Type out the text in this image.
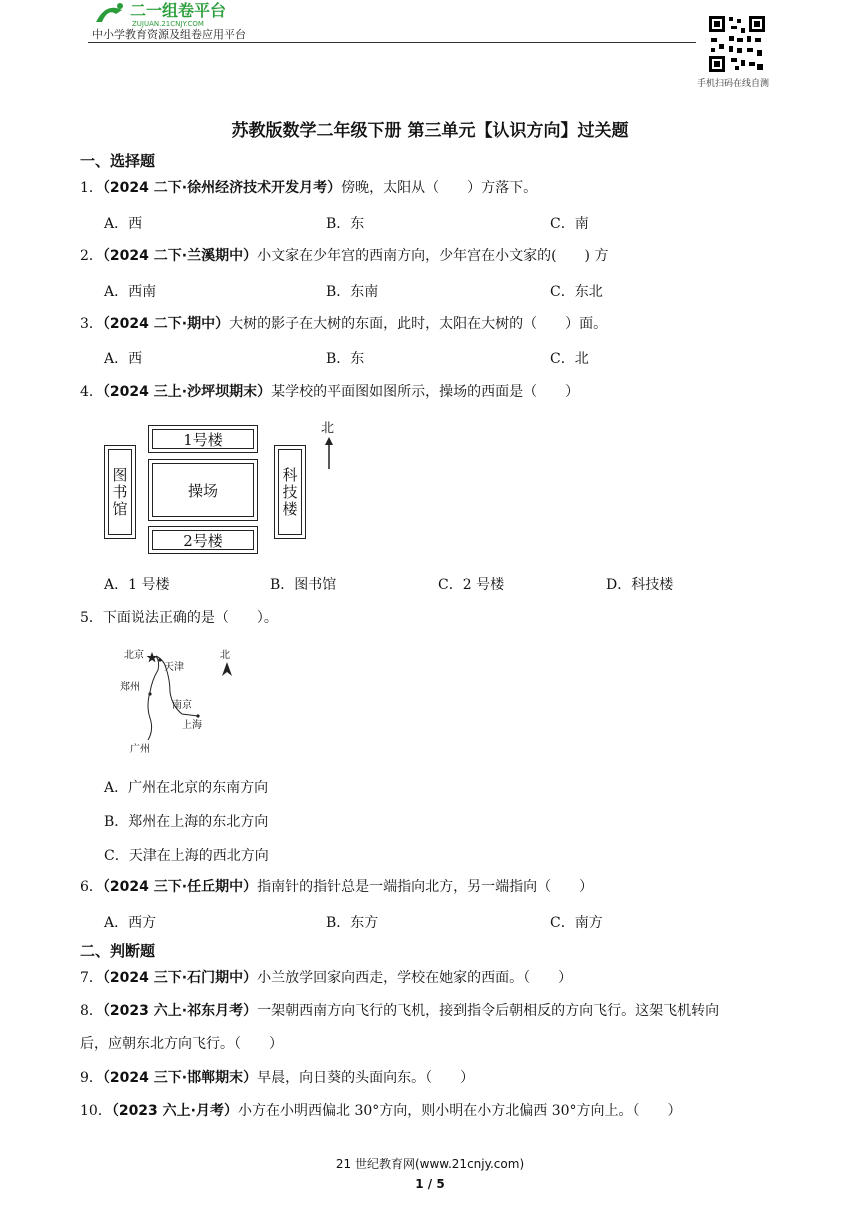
二一组卷平台
ZUJUAN.21CNJY.COM
中小学教育资源及组卷应用平台
手机扫码在线自测
苏教版数学二年级下册 第三单元【认识方向】过关题
一、选择题
1．（2024 二下·徐州经济技术开发月考）傍晚，太阳从（　　）方落下。
A．西	B．东	C．南
2．（2024 二下·兰溪期中）小文家在少年宫的西南方向，少年宫在小文家的(　　) 方
A．西南	B．东南	C．东北
3．（2024 二下·期中）大树的影子在大树的东面，此时，太阳在大树的（　　）面。
A．西	B．东	C．北
4．（2024 三上·沙坪坝期末）某学校的平面图如图所示，操场的西面是（　　）
1号楼
操场
2号楼
图书馆	科技楼
北
A．1 号楼	B．图书馆	C．2 号楼	D．科技楼
5．下面说法正确的是（　　）。
北京
天津
郑州
南京
上海
广州
北
A．广州在北京的东南方向
B．郑州在上海的东北方向
C．天津在上海的西北方向
6．（2024 三下·任丘期中）指南针的指针总是一端指向北方，另一端指向（　　）
A．西方	B．东方	C．南方
二、判断题
7．（2024 三下·石门期中）小兰放学回家向西走，学校在她家的西面。（　　）
8．（2023 六上·祁东月考）一架朝西南方向飞行的飞机，接到指令后朝相反的方向飞行。这架飞机转向
后，应朝东北方向飞行。（　　）
9．（2024 三下·邯郸期末）早晨，向日葵的头面向东。（　　）
10．（2023 六上·月考）小方在小明西偏北 30°方向，则小明在小方北偏西 30°方向上。（　　）
21 世纪教育网(www.21cnjy.com)
1 / 5
